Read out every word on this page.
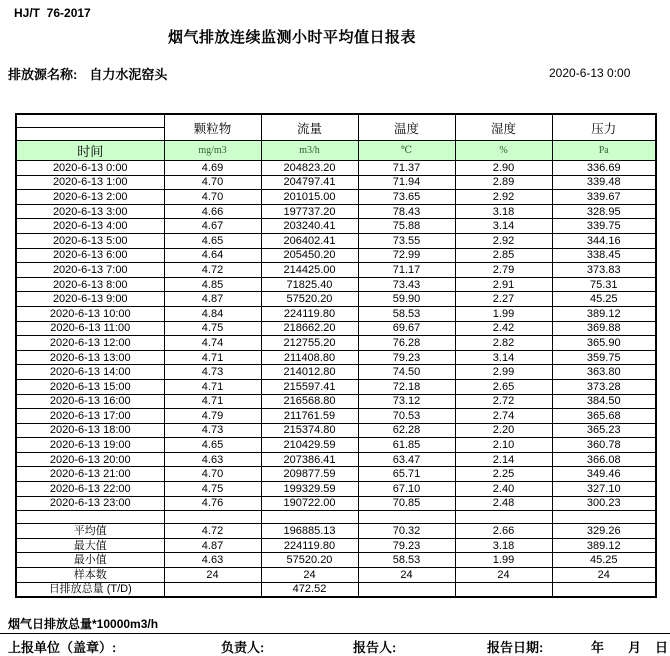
HJ/T  76-2017
烟气排放连续监测小时平均值日报表
排放源名称: 自力水泥窑头	2020-6-13 0:00
	颗粒物	流量	温度	湿度	压力

时间	mg/m3	m3/h	℃	%	Pa
2020-6-13 0:00	4.69	204823.20	71.37	2.90	336.69
2020-6-13 1:00	4.70	204797.41	71.94	2.89	339.48
2020-6-13 2:00	4.70	201015.00	73.65	2.92	339.67
2020-6-13 3:00	4.66	197737.20	78.43	3.18	328.95
2020-6-13 4:00	4.67	203240.41	75.88	3.14	339.75
2020-6-13 5:00	4.65	206402.41	73.55	2.92	344.16
2020-6-13 6:00	4.64	205450.20	72.99	2.85	338.45
2020-6-13 7:00	4.72	214425.00	71.17	2.79	373.83
2020-6-13 8:00	4.85	71825.40	73.43	2.91	75.31
2020-6-13 9:00	4.87	57520.20	59.90	2.27	45.25
2020-6-13 10:00	4.84	224119.80	58.53	1.99	389.12
2020-6-13 11:00	4.75	218662.20	69.67	2.42	369.88
2020-6-13 12:00	4.74	212755.20	76.28	2.82	365.90
2020-6-13 13:00	4.71	211408.80	79.23	3.14	359.75
2020-6-13 14:00	4.73	214012.80	74.50	2.99	363.80
2020-6-13 15:00	4.71	215597.41	72.18	2.65	373.28
2020-6-13 16:00	4.71	216568.80	73.12	2.72	384.50
2020-6-13 17:00	4.79	211761.59	70.53	2.74	365.68
2020-6-13 18:00	4.73	215374.80	62.28	2.20	365.23
2020-6-13 19:00	4.65	210429.59	61.85	2.10	360.78
2020-6-13 20:00	4.63	207386.41	63.47	2.14	366.08
2020-6-13 21:00	4.70	209877.59	65.71	2.25	349.46
2020-6-13 22:00	4.75	199329.59	67.10	2.40	327.10
2020-6-13 23:00	4.76	190722.00	70.85	2.48	300.23

平均值	4.72	196885.13	70.32	2.66	329.26
最大值	4.87	224119.80	79.23	3.18	389.12
最小值	4.63	57520.20	58.53	1.99	45.25
样本数	24	24	24	24	24
日排放总量 (T/D)		472.52			
烟气日排放总量*10000m3/h
上报单位（盖章）:	负责人:	报告人:	报告日期:	年 月 日
